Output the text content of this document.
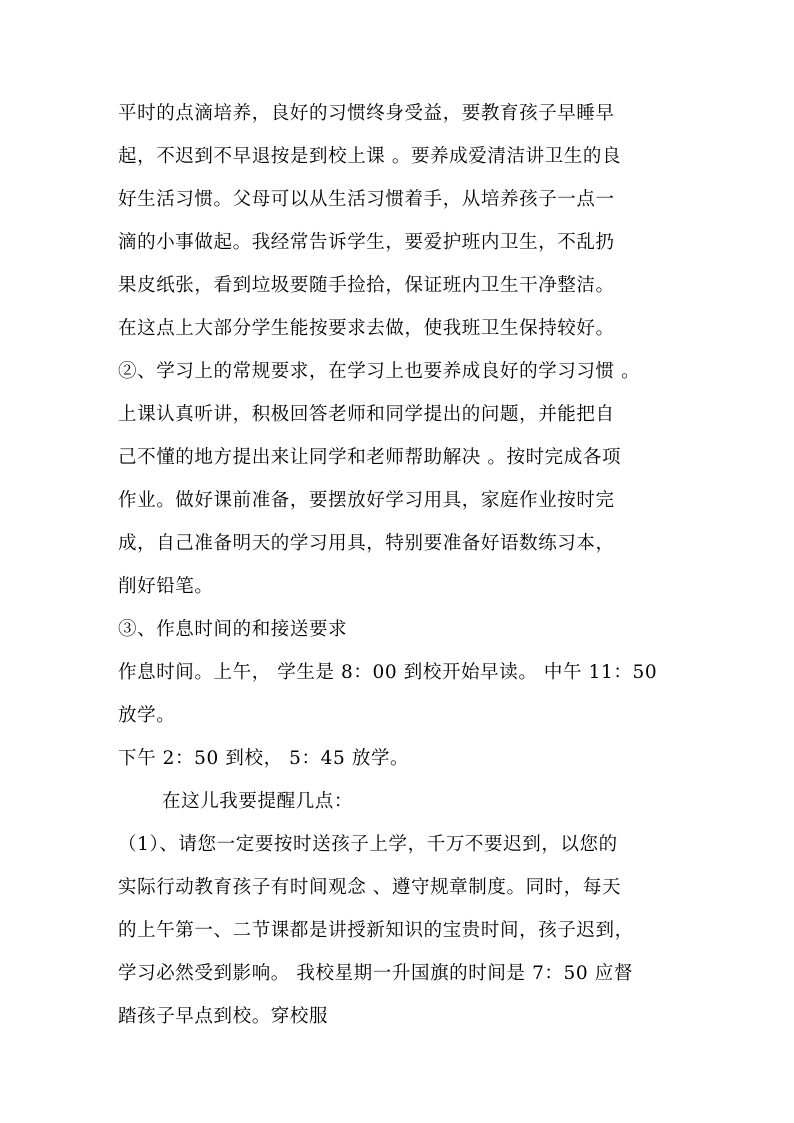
平时的点滴培养，良好的习惯终身受益，要教育孩子早睡早
起，不迟到不早退按是到校上课 。要养成爱清洁讲卫生的良
好生活习惯。父母可以从生活习惯着手，从培养孩子一点一
滴的小事做起。我经常告诉学生，要爱护班内卫生，不乱扔
果皮纸张，看到垃圾要随手捡拾，保证班内卫生干净整洁。
在这点上大部分学生能按要求去做，使我班卫生保持较好。
②、学习上的常规要求，在学习上也要养成良好的学习习惯 。
上课认真听讲，积极回答老师和同学提出的问题，并能把自
己不懂的地方提出来让同学和老师帮助解决 。按时完成各项
作业。做好课前准备，要摆放好学习用具，家庭作业按时完
成，自己准备明天的学习用具，特别要准备好语数练习本，
削好铅笔。
③、作息时间的和接送要求
作息时间。上午， 学生是 8：00 到校开始早读。 中午 11：50
放学。
下午 2：50 到校， 5：45 放学。
在这儿我要提醒几点：
（1）、请您一定要按时送孩子上学，千万不要迟到，以您的
实际行动教育孩子有时间观念 、遵守规章制度。同时，每天
的上午第一、二节课都是讲授新知识的宝贵时间，孩子迟到，
学习必然受到影响。 我校星期一升国旗的时间是 7：50 应督
踏孩子早点到校。穿校服
